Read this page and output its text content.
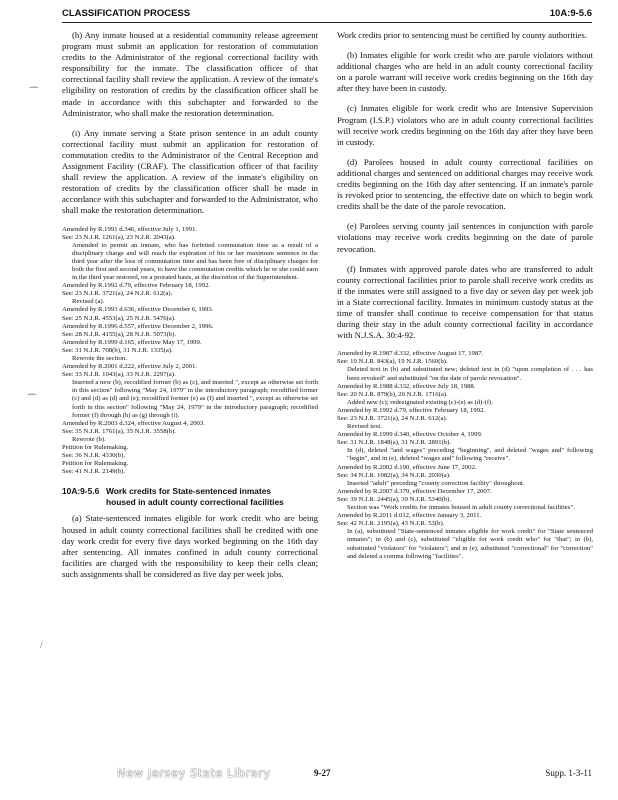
CLASSIFICATION PROCESS	10A:9-5.6

(h) Any inmate housed at a residential community release agreement program must submit an application for restoration of commutation credits to the Administrator of the regional correctional facility with responsibility for the inmate. The classification officer of that correctional facility shall review the application. A review of the inmate's eligibility on restoration of credits by the classification officer shall be made in accordance with this subchapter and forwarded to the Administrator, who shall make the restoration determination.

(i) Any inmate serving a State prison sentence in an adult county correctional facility must submit an application for restoration of commutation credits to the Administrator of the Central Reception and Assignment Facility (CRAF). The classification officer of that facility shall review the application. A review of the inmate's eligibility on restoration of credits by the classification officer shall be made in accordance with this subchapter and forwarded to the Administrator, who shall make the restoration determination.

Amended by R.1991 d.346, effective July 1, 1991.
See: 23 N.J.R. 1261(a), 23 N.J.R. 2043(a).
Amended to permit an inmate, who has forfeited commutation time as a result of a disciplinary charge and will reach the expiration of his or her maximum sentence in the third year after the loss of commutation time and has been free of disciplinary charges for both the first and second years, to have the commutation credits which he or she could earn in the third year restored, on a prorated basis, at the discretion of the Superintendent.
Amended by R.1992 d.79, effective February 18, 1992.
See: 23 N.J.R. 3721(a), 24 N.J.R. 612(a).
Revised (a).
Amended by R.1993 d.636, effective December 6, 1993.
See: 25 N.J.R. 4553(a), 25 N.J.R. 5476(a).
Amended by R.1996 d.557, effective December 2, 1996.
See: 28 N.J.R. 4155(a), 28 N.J.R. 5073(b).
Amended by R.1999 d.165, effective May 17, 1999.
See: 31 N.J.R. 708(b), 31 N.J.R. 1335(a).
Rewrote the section.
Amended by R.2001 d.222, effective July 2, 2001.
See: 33 N.J.R. 1043(a), 33 N.J.R. 2297(a).
Inserted a new (b), recodified former (b) as (c), and inserted ", except as otherwise set forth in this section" following "May 24, 1979" in the introductory paragraph; recodified former (c) and (d) as (d) and (e); recodified former (e) as (f) and inserted ", except as otherwise set forth in this section" following "May 24, 1979" in the introductory paragraph; recodified former (f) through (h) as (g) through (i).
Amended by R.2003 d.324, effective August 4, 2003.
See: 35 N.J.R. 1761(a), 35 N.J.R. 3558(b).
Rewrote (b).
Petition for Rulemaking.
See: 36 N.J.R. 4330(b).
Petition for Rulemaking.
See: 41 N.J.R. 2149(b).
10A:9-5.6 Work credits for State-sentenced inmates
housed in adult county correctional facilities

(a) State-sentenced inmates eligible for work credit who are being housed in adult county correctional facilities shall be credited with one day work credit for every five days worked beginning on the 16th day after sentencing. All inmates confined in adult county correctional facilities are charged with the responsibility to keep their cells clean; such assignments shall be considered as five day per week jobs.

Work credits prior to sentencing must be certified by county authorities.

(b) Inmates eligible for work credit who are parole violators without additional charges who are held in an adult county correctional facility on a parole warrant will receive work credits beginning on the 16th day after they have been in custody.

(c) Inmates eligible for work credit who are Intensive Supervision Program (I.S.P.) violators who are in adult county correctional facilities will receive work credits beginning on the 16th day after they have been in custody.

(d) Parolees housed in adult county correctional facilities on additional charges and sentenced on additional charges may receive work credits beginning on the 16th day after sentencing. If an inmate's parole is revoked prior to sentencing, the effective date on which to begin work credits shall be the date of the parole revocation.

(e) Parolees serving county jail sentences in conjunction with parole violations may receive work credits beginning on the date of parole revocation.

(f) Inmates with approved parole dates who are transferred to adult county correctional facilities prior to parole shall receive work credits as if the inmates were still assigned to a five day or seven day per week job in a State correctional facility. Inmates in minimum custody status at the time of transfer shall continue to receive compensation for that status during their stay in the adult county correctional facility in accordance with N.J.S.A. 30:4-92.

Amended by R.1987 d.332, effective August 17, 1987.
See: 19 N.J.R. 843(a), 19 N.J.R. 1560(b).
Deleted text in (b) and substituted new; deleted text in (d) "upon completion of . . . has been revoked" and substituted "on the date of parole revocation".
Amended by R.1988 d.332, effective July 18, 1988.
See: 20 N.J.R. 879(b), 20 N.J.R. 1716(a).
Added new (c); redesignated existing (c)-(e) as (d)-(f).
Amended by R.1992 d.79, effective February 18, 1992.
See: 23 N.J.R. 3721(a), 24 N.J.R. 612(a).
Revised text.
Amended by R.1999 d.340, effective October 4, 1999.
See: 31 N.J.R. 1848(a), 31 N.J.R. 2891(b).
In (d), deleted "and wages" preceding "beginning", and deleted "wages and" following "begin", and in (e), deleted "wages and" following "receive".
Amended by R.2002 d.190, effective June 17, 2002.
See: 34 N.J.R. 1082(a), 34 N.J.R. 2030(a).
Inserted "adult" preceding "county correction facility" throughout.
Amended by R.2007 d.379, effective December 17, 2007.
See: 39 N.J.R. 2445(a), 39 N.J.R. 5340(b).
Section was "Work credits for inmates housed in adult county correctional facilities".
Amended by R.2011 d.012, effective January 3, 2011.
See: 42 N.J.R. 2195(a), 43 N.J.R. 53(b).
In (a), substituted "State-sentenced inmates eligible for work credit" for "State sentenced inmates"; in (b) and (c), substituted "eligible for work credit who" for "that"; in (b), substituted "violators" for "violaters"; and in (e), substituted "correctional" for "correction" and deleted a comma following "facilities".
⁀
⁀
/
New Jersey State Library	9-27	Supp. 1-3-11
